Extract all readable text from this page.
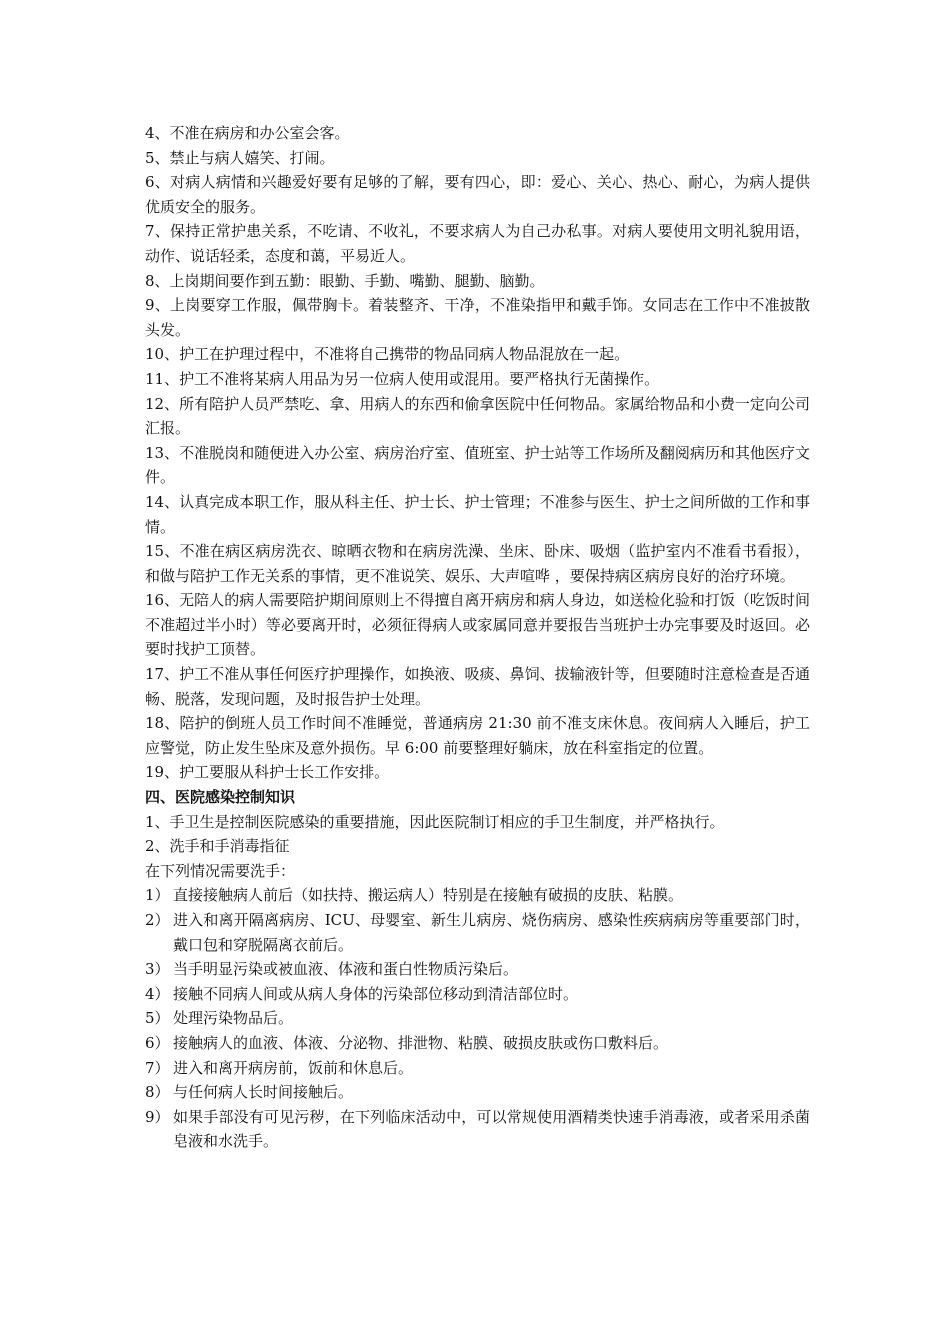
4、不准在病房和办公室会客。

5、禁止与病人嬉笑、打闹。

6、对病人病情和兴趣爱好要有足够的了解，要有四心，即：爱心、关心、热心、耐心，为病人提供优质安全的服务。

7、保持正常护患关系，不吃请、不收礼，不要求病人为自己办私事。对病人要使用文明礼貌用语，动作、说话轻柔，态度和蔼，平易近人。

8、上岗期间要作到五勤：眼勤、手勤、嘴勤、腿勤、脑勤。

9、上岗要穿工作服，佩带胸卡。着装整齐、干净，不准染指甲和戴手饰。女同志在工作中不准披散头发。

10、护工在护理过程中，不准将自己携带的物品同病人物品混放在一起。

11、护工不准将某病人用品为另一位病人使用或混用。要严格执行无菌操作。

12、所有陪护人员严禁吃、拿、用病人的东西和偷拿医院中任何物品。家属给物品和小费一定向公司汇报。

13、不准脱岗和随便进入办公室、病房治疗室、值班室、护士站等工作场所及翻阅病历和其他医疗文件。

14、认真完成本职工作，服从科主任、护士长、护士管理；不准参与医生、护士之间所做的工作和事情。

15、不准在病区病房洗衣、晾晒衣物和在病房洗澡、坐床、卧床、吸烟（监护室内不准看书看报），和做与陪护工作无关系的事情，更不准说笑、娱乐、大声喧哗 ，要保持病区病房良好的治疗环境。

16、无陪人的病人需要陪护期间原则上不得擅自离开病房和病人身边，如送检化验和打饭（吃饭时间不准超过半小时）等必要离开时，必须征得病人或家属同意并要报告当班护士办完事要及时返回。必要时找护工顶替。

17、护工不准从事任何医疗护理操作，如换液、吸痰、鼻饲、拔输液针等，但要随时注意检查是否通畅、脱落，发现问题，及时报告护士处理。

18、陪护的倒班人员工作时间不准睡觉，普通病房 21:30 前不准支床休息。夜间病人入睡后，护工应警觉，防止发生坠床及意外损伤。早 6:00 前要整理好躺床，放在科室指定的位置。

19、护工要服从科护士长工作安排。

四、医院感染控制知识

1、手卫生是控制医院感染的重要措施，因此医院制订相应的手卫生制度，并严格执行。

2、洗手和手消毒指征

在下列情况需要洗手：

1） 直接接触病人前后（如扶持、搬运病人）特别是在接触有破损的皮肤、粘膜。
2） 进入和离开隔离病房、ICU、母婴室、新生儿病房、烧伤病房、感染性疾病病房等重要部门时，戴口包和穿脱隔离衣前后。
3） 当手明显污染或被血液、体液和蛋白性物质污染后。
4） 接触不同病人间或从病人身体的污染部位移动到清洁部位时。
5） 处理污染物品后。
6） 接触病人的血液、体液、分泌物、排泄物、粘膜、破损皮肤或伤口敷料后。
7） 进入和离开病房前，饭前和休息后。
8） 与任何病人长时间接触后。
9） 如果手部没有可见污秽，在下列临床活动中，可以常规使用酒精类快速手消毒液，或者采用杀菌皂液和水洗手。
